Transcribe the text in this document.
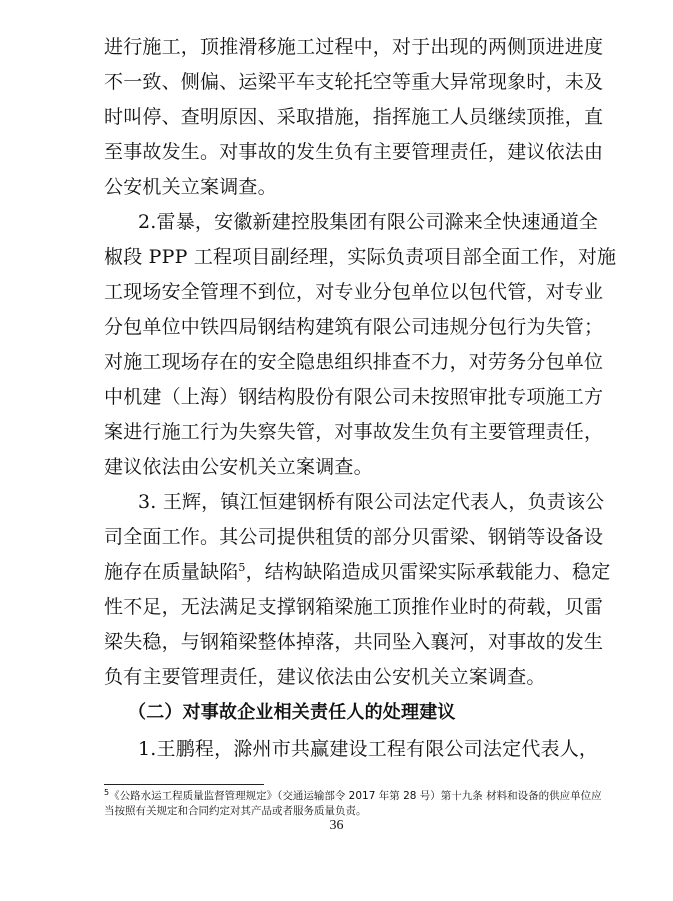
进行施工，顶推滑移施工过程中，对于出现的两侧顶进进度
不一致、侧偏、运梁平车支轮托空等重大异常现象时，未及
时叫停、查明原因、采取措施，指挥施工人员继续顶推，直
至事故发生。对事故的发生负有主要管理责任，建议依法由
公安机关立案调查。
2.雷暴，安徽新建控股集团有限公司滁来全快速通道全
椒段 PPP 工程项目副经理，实际负责项目部全面工作，对施
工现场安全管理不到位，对专业分包单位以包代管，对专业
分包单位中铁四局钢结构建筑有限公司违规分包行为失管；
对施工现场存在的安全隐患组织排查不力，对劳务分包单位
中机建（上海）钢结构股份有限公司未按照审批专项施工方
案进行施工行为失察失管，对事故发生负有主要管理责任，
建议依法由公安机关立案调查。
3. 王辉，镇江恒建钢桥有限公司法定代表人，负责该公
司全面工作。其公司提供租赁的部分贝雷梁、钢销等设备设
施存在质量缺陷$^5$，结构缺陷造成贝雷梁实际承载能力、稳定
性不足，无法满足支撑钢箱梁施工顶推作业时的荷载，贝雷
梁失稳，与钢箱梁整体掉落，共同坠入襄河，对事故的发生
负有主要管理责任，建议依法由公安机关立案调查。
（二）对事故企业相关责任人的处理建议
1.王鹏程，滁州市共赢建设工程有限公司法定代表人，
$^5$《公路水运工程质量监督管理规定》（交通运输部令 2017 年第 28 号）第十九条 材料和设备的供应单位应
当按照有关规定和合同约定对其产品或者服务质量负责。
36
